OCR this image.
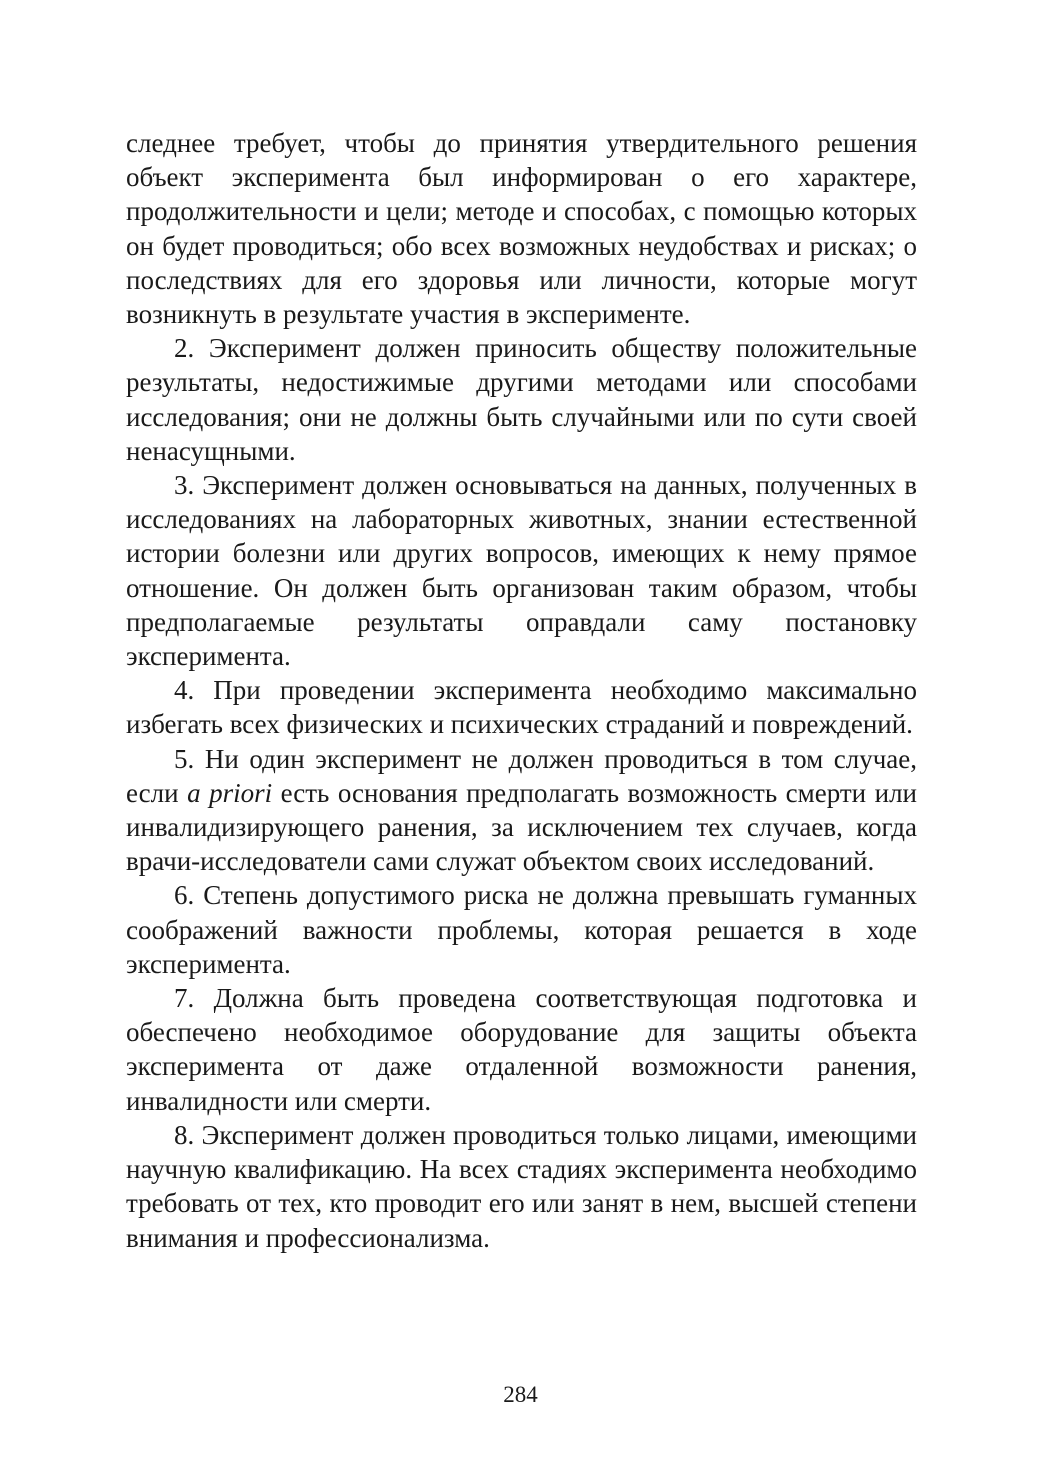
следнее требует, чтобы до принятия утвердительного решения объект эксперимента был информирован о его характере, продолжительности и цели; методе и способах, с помощью которых он будет проводиться; обо всех возможных неудобствах и рисках; о последствиях для его здоровья или личности, которые могут возникнуть в результате участия в эксперименте.

2. Эксперимент должен приносить обществу положительные результаты, недостижимые другими методами или способами исследования; они не должны быть случайными или по сути своей ненасущными.

3. Эксперимент должен основываться на данных, полученных в исследованиях на лабораторных животных, знании естественной истории болезни или других вопросов, имеющих к нему прямое отношение. Он должен быть организован таким образом, чтобы предполагаемые результаты оправдали саму постановку эксперимента.

4. При проведении эксперимента необходимо максимально избегать всех физических и психических страданий и повреждений.

5. Ни один эксперимент не должен проводиться в том случае, если a priori есть основания предполагать возможность смерти или инвалидизирующего ранения, за исключением тех случаев, когда врачи-исследователи сами служат объектом своих исследований.

6. Степень допустимого риска не должна превышать гуманных соображений важности проблемы, которая решается в ходе эксперимента.

7. Должна быть проведена соответствующая подготовка и обеспечено необходимое оборудование для защиты объекта эксперимента от даже отдаленной возможности ранения, инвалидности или смерти.

8. Эксперимент должен проводиться только лицами, имеющими научную квалификацию. На всех стадиях эксперимента необходимо требовать от тех, кто проводит его или занят в нем, высшей степени внимания и профессионализма.

284
